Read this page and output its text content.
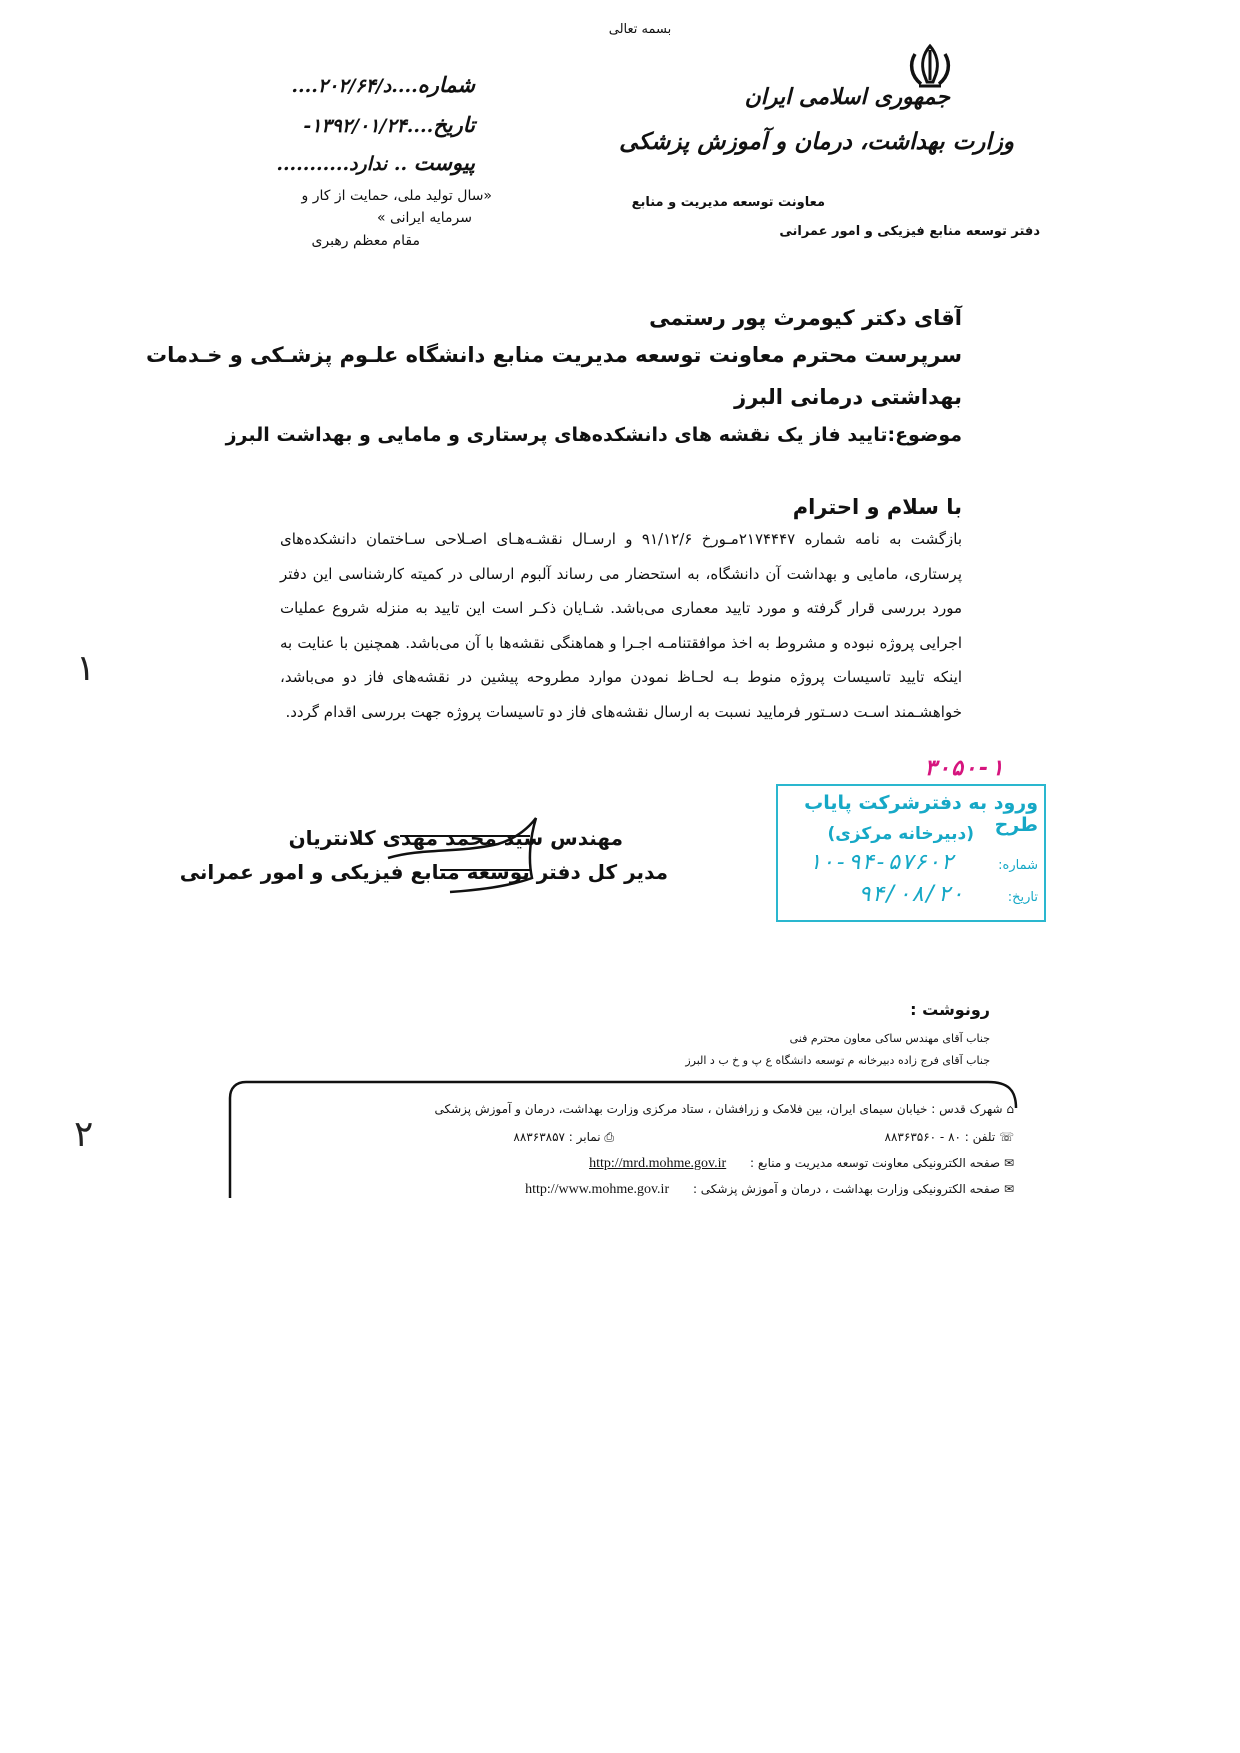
بسمه تعالی
جمهوری اسلامی ایران
وزارت بهداشت، درمان و آموزش پزشکی
معاونت توسعه مدیریت و منابع
دفتر توسعه منابع فیزیکی و امور عمرانی
شماره....د/۲۰۲/۶۴....
تاریخ....۱۳۹۲/۰۱/۲۴-
پیوست .. ندارد...........
«سال تولید ملی، حمایت از کار و
سرمایه ایرانی »
مقام معظم رهبری
آقای دکتر کیومرث پور رستمی
سرپرست محترم معاونت توسعه مدیریت منابع دانشگاه علـوم پزشـکی و خـدمات
بهداشتی درمانی البرز
موضوع:تایید فاز یک نقشه های دانشکده‌های پرستاری و مامایی و بهداشت البرز
با سلام و احترام
بازگشت به نامه شماره ۲۱۷۴۴۴۷مـورخ ۹۱/۱۲/۶ و ارسـال نقشـه‌هـای اصـلاحی سـاختمان دانشکده‌های پرستاری، مامایی و بهداشت آن دانشگاه، به استحضار می رساند آلبوم ارسالی در کمیته کارشناسی این دفتر مورد بررسی قرار گرفته و مورد تایید معماری می‌باشد. شـایان ذکـر است این تایید به منزله شروع عملیات اجرایی پروژه نبوده و مشروط به اخذ موافقتنامـه اجـرا و هماهنگی نقشه‌ها با آن می‌باشد. همچنین با عنایت به اینکه تایید تاسیسات پروژه منوط بـه لحـاظ نمودن موارد مطروحه پیشین در نقشه‌های فاز دو می‌باشد، خواهشـمند اسـت دسـتور فرمایید نسبت به ارسال نقشه‌های فاز دو تاسیسات پروژه جهت بررسی اقدام گردد.
۳۰۵۰-۱
مهندس سید محمد مهدی کلانتریان
مدیر کل دفتر توسعه منابع فیزیکی و امور عمرانی
ورود به دفترشرکت پایاب طرح
(دبیرخانه مرکزی)
شماره:
۱۰-۹۴-۵۷۶۰۲
تاریخ:
۹۴/۰۸/۲۰
۱
۲
رونوشت :
جناب آقای مهندس ساکی معاون محترم فنی
جناب آقای فرج زاده دبیرخانه م توسعه دانشگاه ع پ و خ ب د البرز
⌂ شهرک قدس : خیابان سیمای ایران، بین فلامک و زرافشان ، ستاد مرکزی وزارت بهداشت، درمان و آموزش پزشکی
☏ تلفن : ۸۰ - ۸۸۳۶۳۵۶۰
⎙ نمابر : ۸۸۳۶۳۸۵۷
✉ صفحه الکترونیکی معاونت توسعه مدیریت و منابع : http://mrd.mohme.gov.ir
✉ صفحه الکترونیکی وزارت بهداشت ، درمان و آموزش پزشکی : http://www.mohme.gov.ir
